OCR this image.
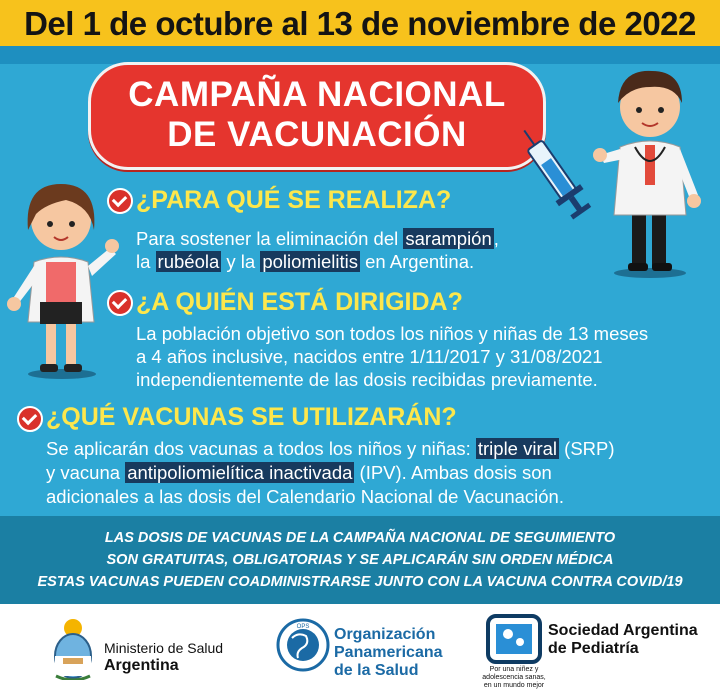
Del 1 de octubre al 13 de noviembre de 2022
CAMPAÑA NACIONAL
DE VACUNACIÓN
¿PARA QUÉ SE REALIZA?
Para sostener la eliminación del sarampión ,
la rubéola y la poliomielitis en Argentina.
¿A QUIÉN ESTÁ DIRIGIDA?
La población objetivo son todos los niños y niñas de 13 meses
a 4 años inclusive, nacidos entre 1/11/2017 y 31/08/2021
independientemente de las dosis recibidas previamente.
¿QUÉ VACUNAS SE UTILIZARÁN?
Se aplicarán dos vacunas a todos los niños y niñas: triple viral (SRP)
y vacuna antipoliomielítica inactivada (IPV). Ambas dosis son
adicionales a las dosis del Calendario Nacional de Vacunación.
LAS DOSIS DE VACUNAS DE LA CAMPAÑA NACIONAL DE SEGUIMIENTO
SON GRATUITAS, OBLIGATORIAS Y SE APLICARÁN SIN ORDEN MÉDICA
ESTAS VACUNAS PUEDEN COADMINISTRARSE JUNTO CON LA VACUNA CONTRA COVID/19
Ministerio de Salud
Argentina
OPS Organización
Panamericana
de la Salud
Sociedad Argentina
de Pediatría
Por una niñez y
adolescencia sanas,
en un mundo mejor
